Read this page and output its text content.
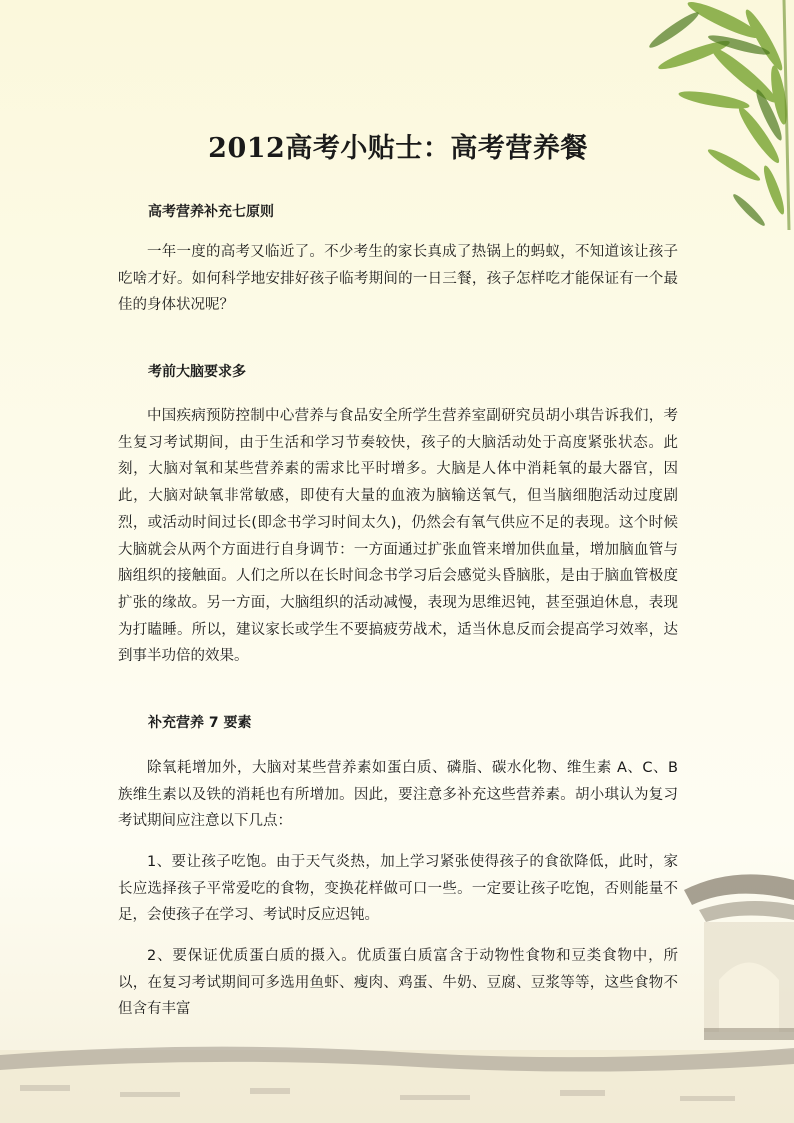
2012高考小贴士：高考营养餐
高考营养补充七原则

一年一度的高考又临近了。不少考生的家长真成了热锅上的蚂蚁，不知道该让孩子吃啥才好。如何科学地安排好孩子临考期间的一日三餐，孩子怎样吃才能保证有一个最佳的身体状况呢？

考前大脑要求多

中国疾病预防控制中心营养与食品安全所学生营养室副研究员胡小琪告诉我们，考生复习考试期间，由于生活和学习节奏较快，孩子的大脑活动处于高度紧张状态。此刻，大脑对氧和某些营养素的需求比平时增多。大脑是人体中消耗氧的最大器官，因此，大脑对缺氧非常敏感，即使有大量的血液为脑输送氧气，但当脑细胞活动过度剧烈，或活动时间过长(即念书学习时间太久)，仍然会有氧气供应不足的表现。这个时候大脑就会从两个方面进行自身调节：一方面通过扩张血管来增加供血量，增加脑血管与脑组织的接触面。人们之所以在长时间念书学习后会感觉头昏脑胀，是由于脑血管极度扩张的缘故。另一方面，大脑组织的活动减慢，表现为思维迟钝，甚至强迫休息，表现为打瞌睡。所以，建议家长或学生不要搞疲劳战术，适当休息反而会提高学习效率，达到事半功倍的效果。

补充营养 7 要素

除氧耗增加外，大脑对某些营养素如蛋白质、磷脂、碳水化物、维生素 A、C、B 族维生素以及铁的消耗也有所增加。因此，要注意多补充这些营养素。胡小琪认为复习考试期间应注意以下几点：

1、要让孩子吃饱。由于天气炎热，加上学习紧张使得孩子的食欲降低，此时，家长应选择孩子平常爱吃的食物，变换花样做可口一些。一定要让孩子吃饱，否则能量不足，会使孩子在学习、考试时反应迟钝。

2、要保证优质蛋白质的摄入。优质蛋白质富含于动物性食物和豆类食物中，所以，在复习考试期间可多选用鱼虾、瘦肉、鸡蛋、牛奶、豆腐、豆浆等等，这些食物不但含有丰富
